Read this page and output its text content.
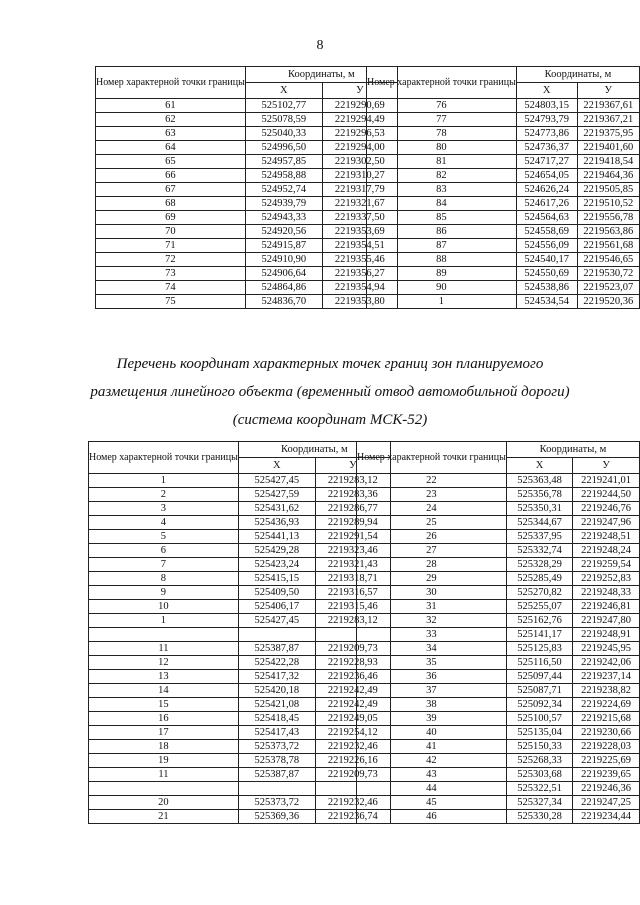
8
Номер характерной точки границы	Координаты, м	
	X	У
61	525102,77	2219290,69
62	525078,59	2219294,49
63	525040,33	2219296,53
64	524996,50	2219294,00
65	524957,85	2219302,50
66	524958,88	2219310,27
67	524952,74	2219317,79
68	524939,79	2219321,67
69	524943,33	2219337,50
70	524920,56	2219353,69
71	524915,87	2219354,51
72	524910,90	2219355,46
73	524906,64	2219356,27
74	524864,86	2219354,94
75	524836,70	2219353,80
Номер характерной точки границы	Координаты, м	
	X	У
76	524803,15	2219367,61
77	524793,79	2219367,21
78	524773,86	2219375,95
80	524736,37	2219401,60
81	524717,27	2219418,54
82	524654,05	2219464,36
83	524626,24	2219505,85
84	524617,26	2219510,52
85	524564,63	2219556,78
86	524558,69	2219563,86
87	524556,09	2219561,68
88	524540,17	2219546,65
89	524550,69	2219530,72
90	524538,86	2219523,07
1	524534,54	2219520,36
Перечень координат характерных точек границ зон планируемого
размещения линейного объекта (временный отвод автомобильной дороги)
(система координат МСК-52)
Номер характерной точки границы	Координаты, м	
	X	У
1	525427,45	2219283,12
2	525427,59	2219283,36
3	525431,62	2219286,77
4	525436,93	2219289,94
5	525441,13	2219291,54
6	525429,28	2219323,46
7	525423,24	2219321,43
8	525415,15	2219318,71
9	525409,50	2219316,57
10	525406,17	2219315,46
1	525427,45	2219283,12

11	525387,87	2219209,73
12	525422,28	2219228,93
13	525417,32	2219236,46
14	525420,18	2219242,49
15	525421,08	2219242,49
16	525418,45	2219249,05
17	525417,43	2219254,12
18	525373,72	2219232,46
19	525378,78	2219226,16
11	525387,87	2219209,73

20	525373,72	2219232,46
21	525369,36	2219236,74
Номер характерной точки границы	Координаты, м	
	X	У
22	525363,48	2219241,01
23	525356,78	2219244,50
24	525350,31	2219246,76
25	525344,67	2219247,96
26	525337,95	2219248,51
27	525332,74	2219248,24
28	525328,29	2219259,54
29	525285,49	2219252,83
30	525270,82	2219248,33
31	525255,07	2219246,81
32	525162,76	2219247,80
33	525141,17	2219248,91
34	525125,83	2219245,95
35	525116,50	2219242,06
36	525097,44	2219237,14
37	525087,71	2219238,82
38	525092,34	2219224,69
39	525100,57	2219215,68
40	525135,04	2219230,66
41	525150,33	2219228,03
42	525268,33	2219225,69
43	525303,68	2219239,65
44	525322,51	2219246,36
45	525327,34	2219247,25
46	525330,28	2219234,44
